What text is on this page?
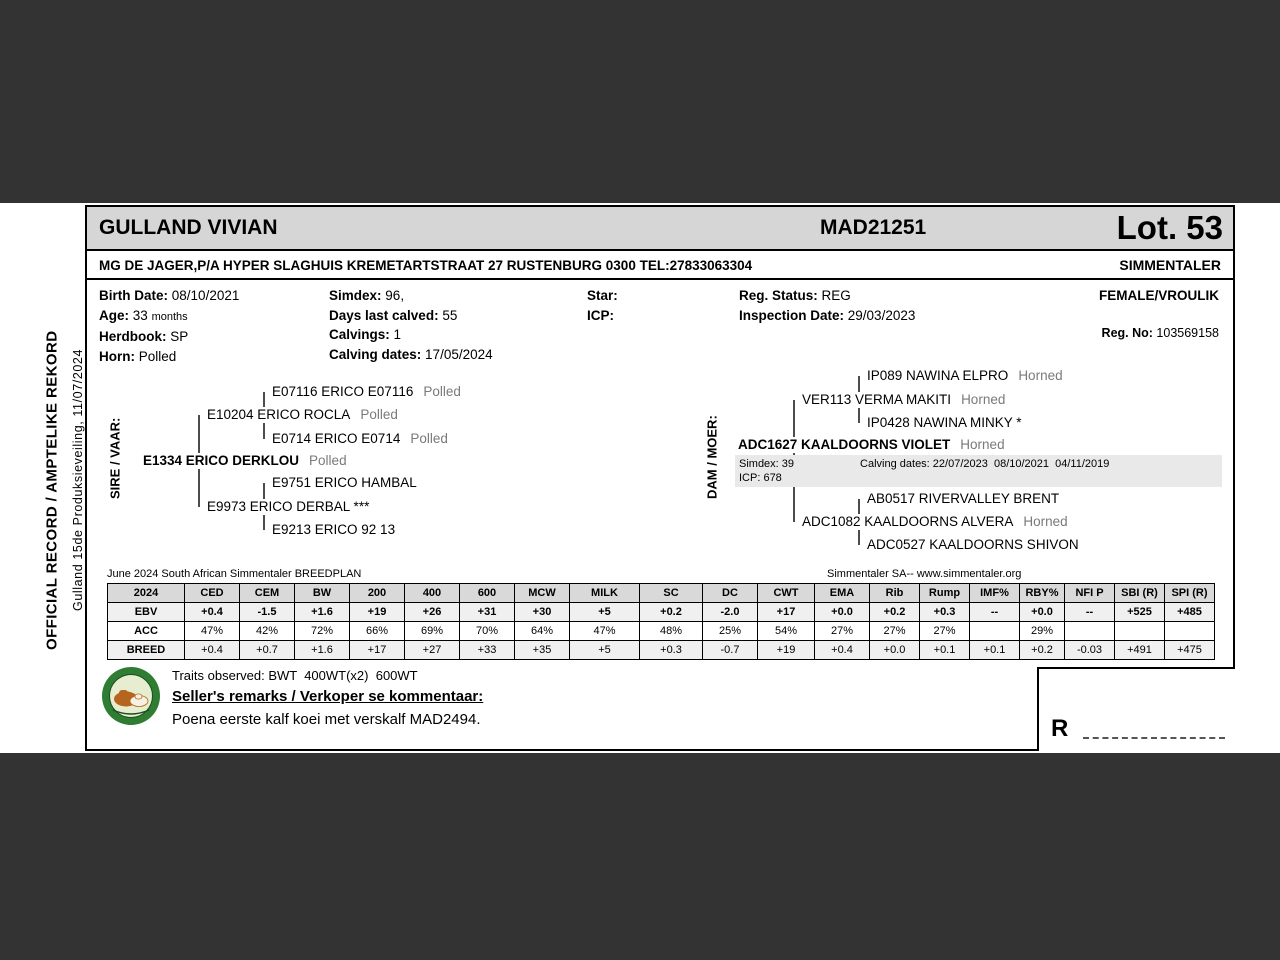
OFFICIAL RECORD / AMPTELIKE REKORD Gulland 15de Produksieveiling, 11/07/2024
GULLAND VIVIAN	MAD21251	Lot. 53
MG DE JAGER,P/A HYPER SLAGHUIS KREMETARTSTRAAT 27 RUSTENBURG 0300 TEL:27833063304	SIMMENTALER
Birth Date: 08/10/2021
Age: 33 months
Herdbook: SP
Horn: Polled
Simdex: 96,
Days last calved: 55
Calvings: 1
Calving dates: 17/05/2024
Star:
ICP:
Reg. Status: REG
Inspection Date: 29/03/2023
FEMALE/VROULIK
Reg. No: 103569158
SIRE / VAAR:
E07116 ERICO E07116 Polled
E10204 ERICO ROCLA Polled
E0714 ERICO E0714 Polled
E1334 ERICO DERKLOU Polled
E9751 ERICO HAMBAL
E9973 ERICO DERBAL ***
E9213 ERICO 92 13
DAM / MOER:
IP089 NAWINA ELPRO Horned
VER113 VERMA MAKITI Horned
IP0428 NAWINA MINKY *
ADC1627 KAALDOORNS VIOLET Horned
Simdex: 39	Calving dates: 22/07/2023  08/10/2021  04/11/2019
ICP: 678
AB0517 RIVERVALLEY BRENT
ADC1082 KAALDOORNS ALVERA Horned
ADC0527 KAALDOORNS SHIVON
June 2024 South African Simmentaler BREEDPLAN	Simmentaler SA-- www.simmentaler.org
2024	CED	CEM	BW	200	400	600	MCW	MILK	SC	DC	CWT	EMA	Rib	Rump	IMF%	RBY%	NFI P	SBI (R)	SPI (R)
EBV	+0.4	-1.5	+1.6	+19	+26	+31	+30	+5	+0.2	-2.0	+17	+0.0	+0.2	+0.3	--	+0.0	--	+525	+485
ACC	47%	42%	72%	66%	69%	70%	64%	47%	48%	25%	54%	27%	27%	27%		29%			
BREED	+0.4	+0.7	+1.6	+17	+27	+33	+35	+5	+0.3	-0.7	+19	+0.4	+0.0	+0.1	+0.1	+0.2	-0.03	+491	+475
Traits observed: BWT  400WT(x2)  600WT
Seller's remarks / Verkoper se kommentaar:
Poena eerste kalf koei met verskalf MAD2494.	R
